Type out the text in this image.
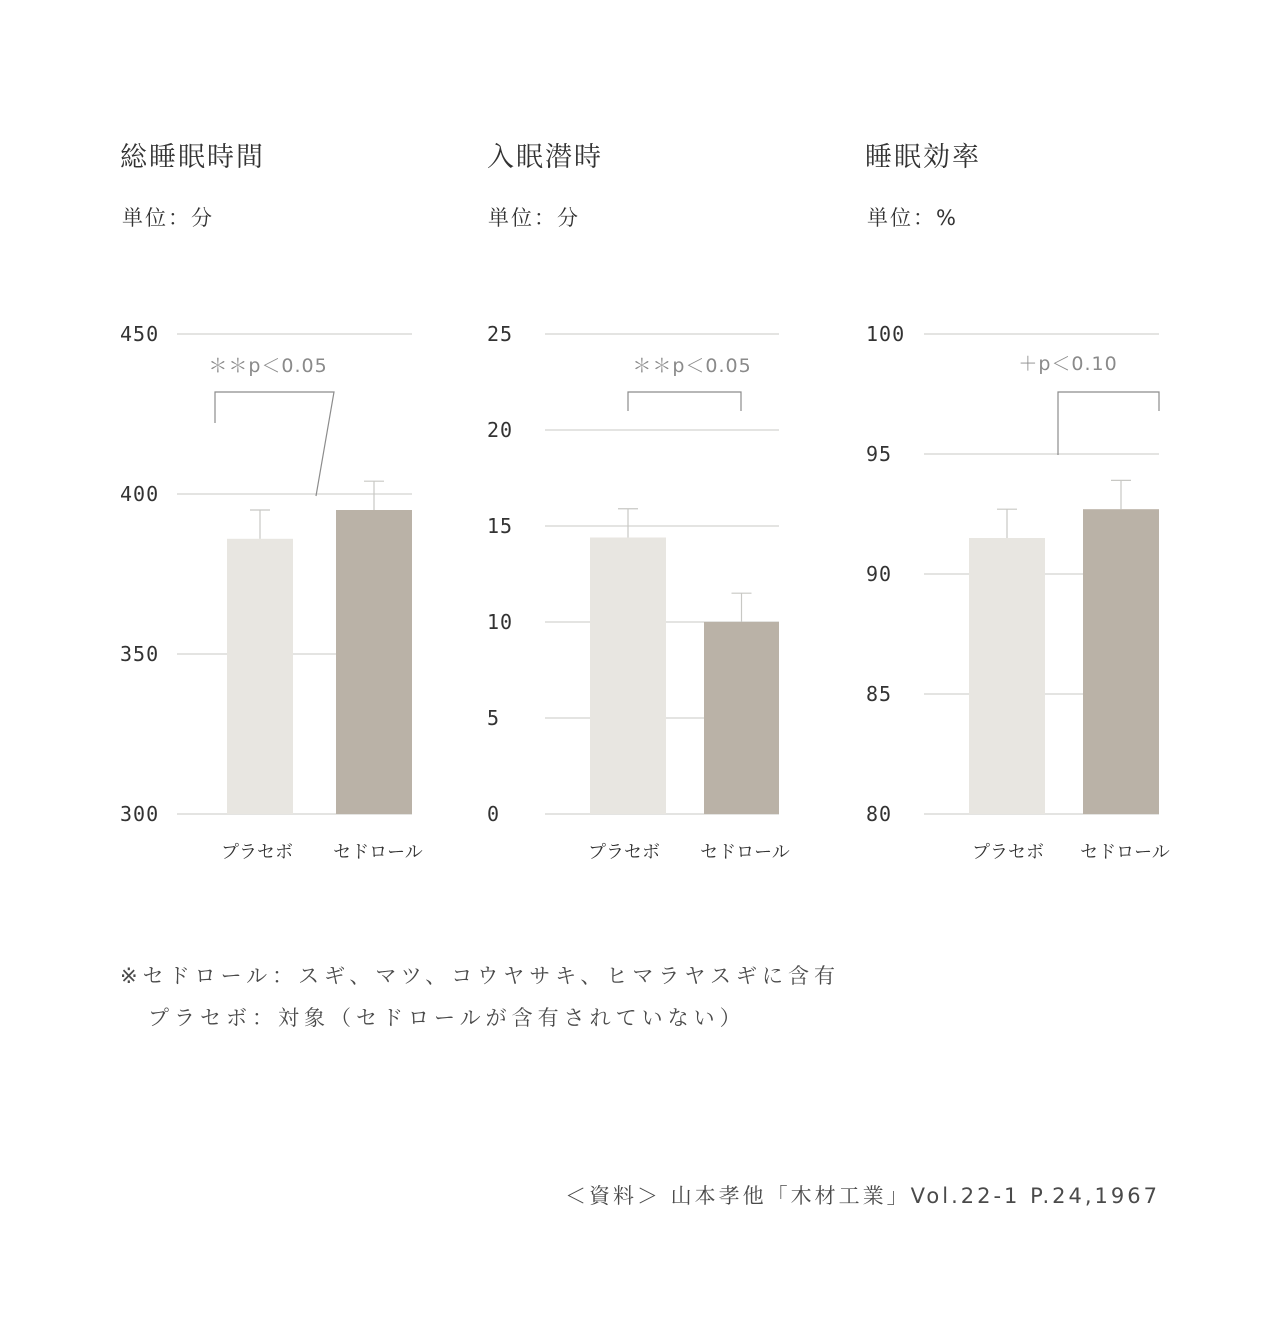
総睡眠時間
単位：分
入眠潜時
単位：分
睡眠効率
単位：%
300
350
400
450
プラセボ セドロール
＊＊p＜0.05
0
5
10
15
20
25
プラセボ セドロール
＊＊p＜0.05
80
85
90
95
100
プラセボ セドロール
＋p＜0.10
※セドロール：スギ、マツ、コウヤサキ、ヒマラヤスギに含有
プラセボ：対象（セドロールが含有されていない）
＜資料＞ 山本孝他「木材工業」Vol.22-1 P.24,1967
